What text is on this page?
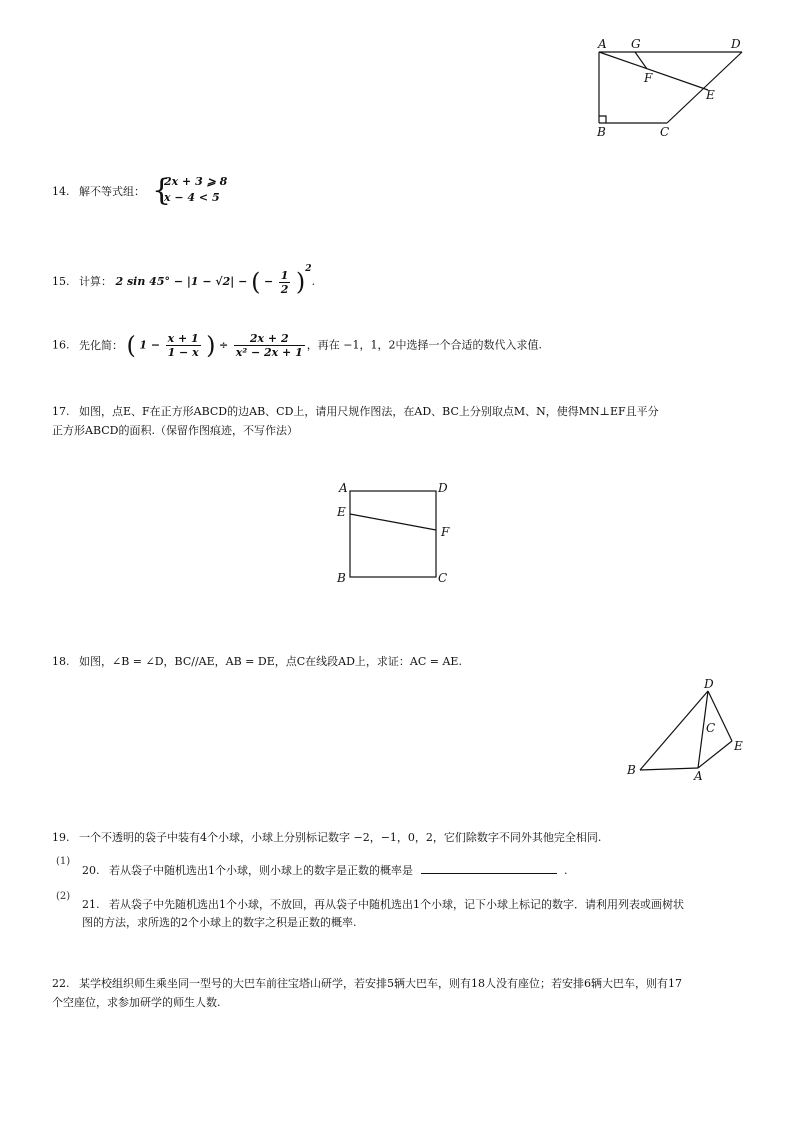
A G	D
F
E
B	C
14. 解不等式组： {
2x + 3 ⩾ 8
x − 4 < 5
15. 计算： 2 sin 45° − |1 − √2| − ( − $\frac{1}{2} )^2$.
16. 先化简： ( $1 - \frac{x + 1}{1 - x}$ ) ÷ $\frac{2x + 2}{\text{x² − 2x + 1}}$ ，再在 −1，1，2中选择一个合适的数代入求值.
17. 如图，点E、F在正方形ABCD的边AB、CD上，请用尺规作图法，在AD、BC上分别取点M、N，使得MN⊥EF且平分
正方形ABCD的面积.（保留作图痕迹，不写作法）
A	D
E
F
B	C
18. 如图，∠B = ∠D，BC//AE，AB = DE，点C在线段AD上，求证：AC = AE.
D
C
E
B	A
19. 一个不透明的袋子中装有4个小球，小球上分别标记数字 −2，−1，0，2，它们除数字不同外其他完全相同.
(1)
20. 若从袋子中随机选出1个小球，则小球上的数字是正数的概率是	.
(2)
21. 若从袋子中先随机选出1个小球，不放回，再从袋子中随机选出1个小球，记下小球上标记的数字．请利用列表或画树状
图的方法，求所选的2个小球上的数字之积是正数的概率.
22. 某学校组织师生乘坐同一型号的大巴车前往宝塔山研学，若安排5辆大巴车，则有18人没有座位；若安排6辆大巴车，则有17
个空座位，求参加研学的师生人数.
